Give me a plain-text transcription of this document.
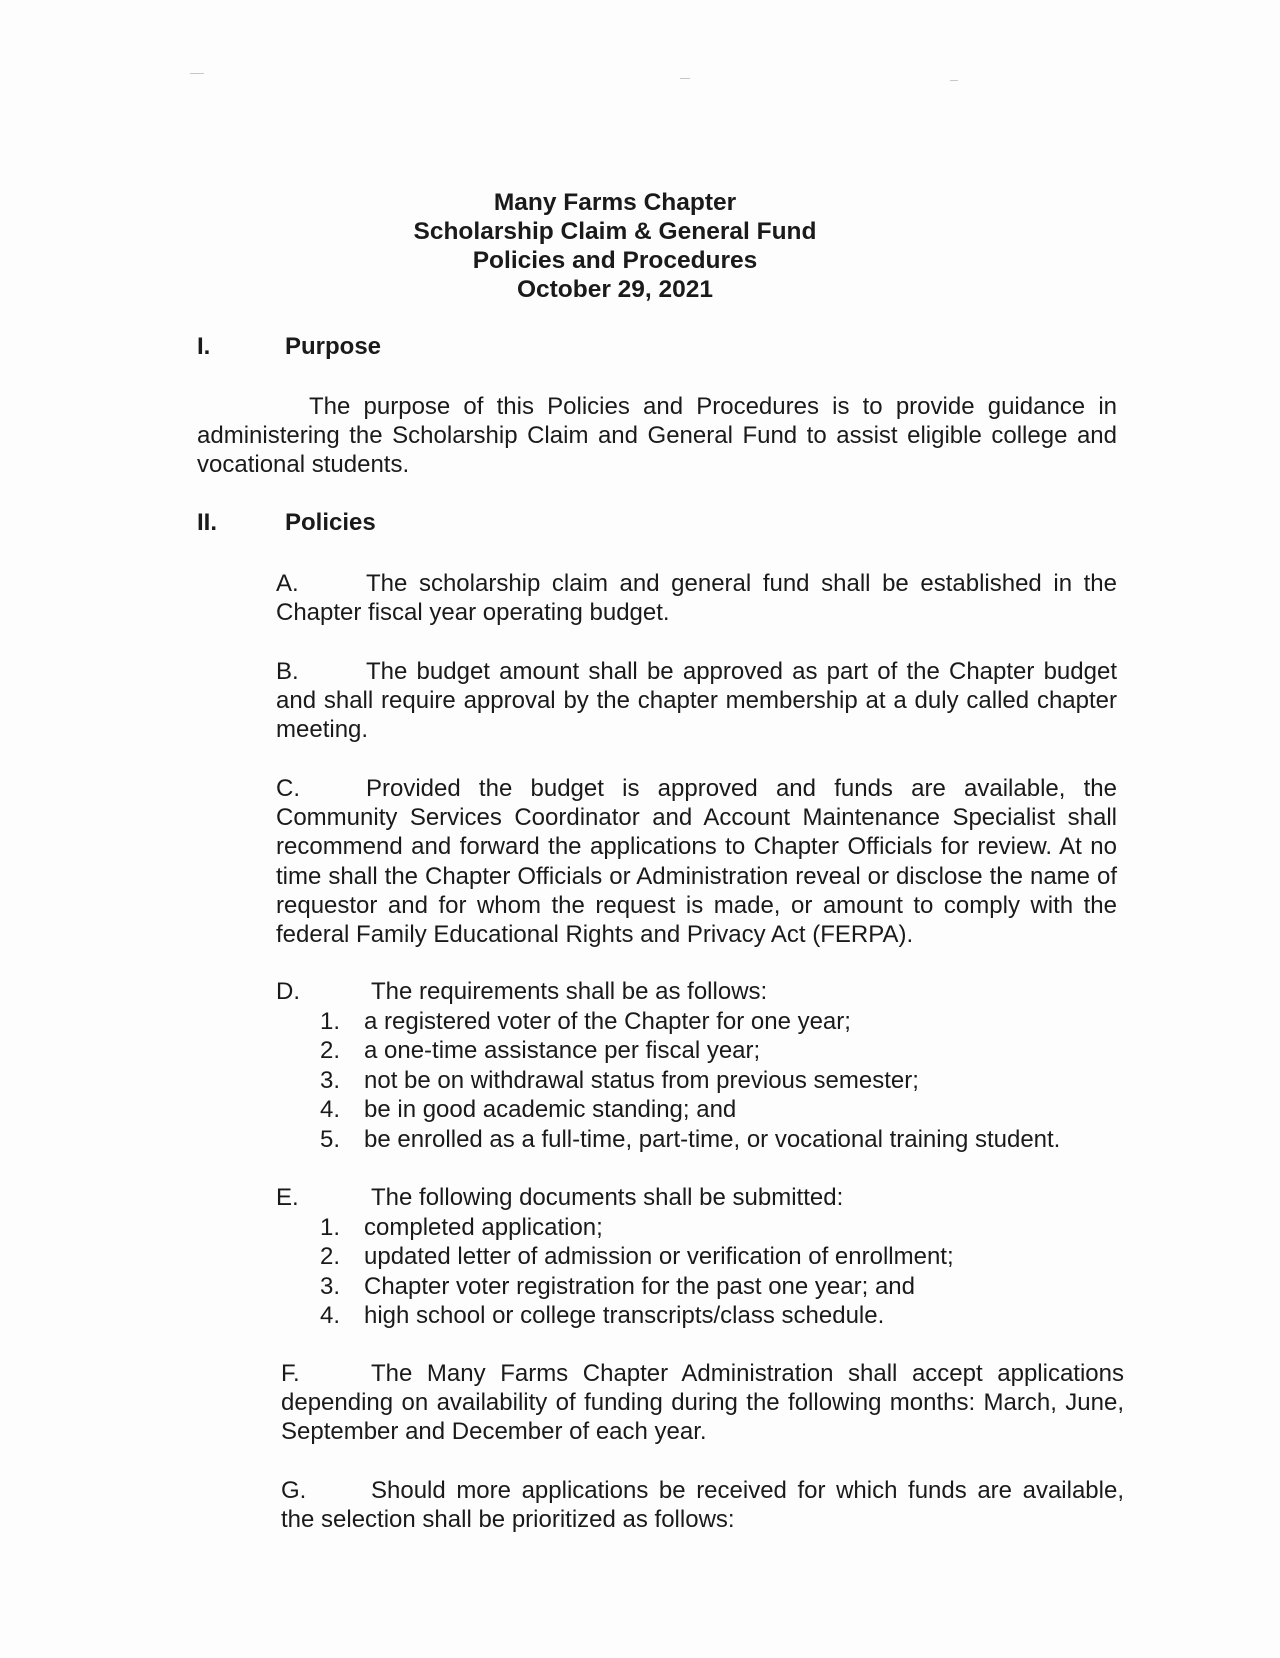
Many Farms Chapter
Scholarship Claim & General Fund
Policies and Procedures
October 29, 2021
I.	Purpose
The purpose of this Policies and Procedures is to provide guidance in administering the Scholarship Claim and General Fund to assist eligible college and vocational students.
II.	Policies
A.	The scholarship claim and general fund shall be established in the Chapter fiscal year operating budget.
B.	The budget amount shall be approved as part of the Chapter budget and shall require approval by the chapter membership at a duly called chapter meeting.
C.	Provided the budget is approved and funds are available, the Community Services Coordinator and Account Maintenance Specialist shall recommend and forward the applications to Chapter Officials for review. At no time shall the Chapter Officials or Administration reveal or disclose the name of requestor and for whom the request is made, or amount to comply with the federal Family Educational Rights and Privacy Act (FERPA).
D.	The requirements shall be as follows:
1. a registered voter of the Chapter for one year;
2. a one-time assistance per fiscal year;
3. not be on withdrawal status from previous semester;
4. be in good academic standing; and
5. be enrolled as a full-time, part-time, or vocational training student.
E.	The following documents shall be submitted:
1. completed application;
2. updated letter of admission or verification of enrollment;
3. Chapter voter registration for the past one year; and
4. high school or college transcripts/class schedule.
F.	The Many Farms Chapter Administration shall accept applications depending on availability of funding during the following months: March, June, September and December of each year.
G.	Should more applications be received for which funds are available, the selection shall be prioritized as follows:
